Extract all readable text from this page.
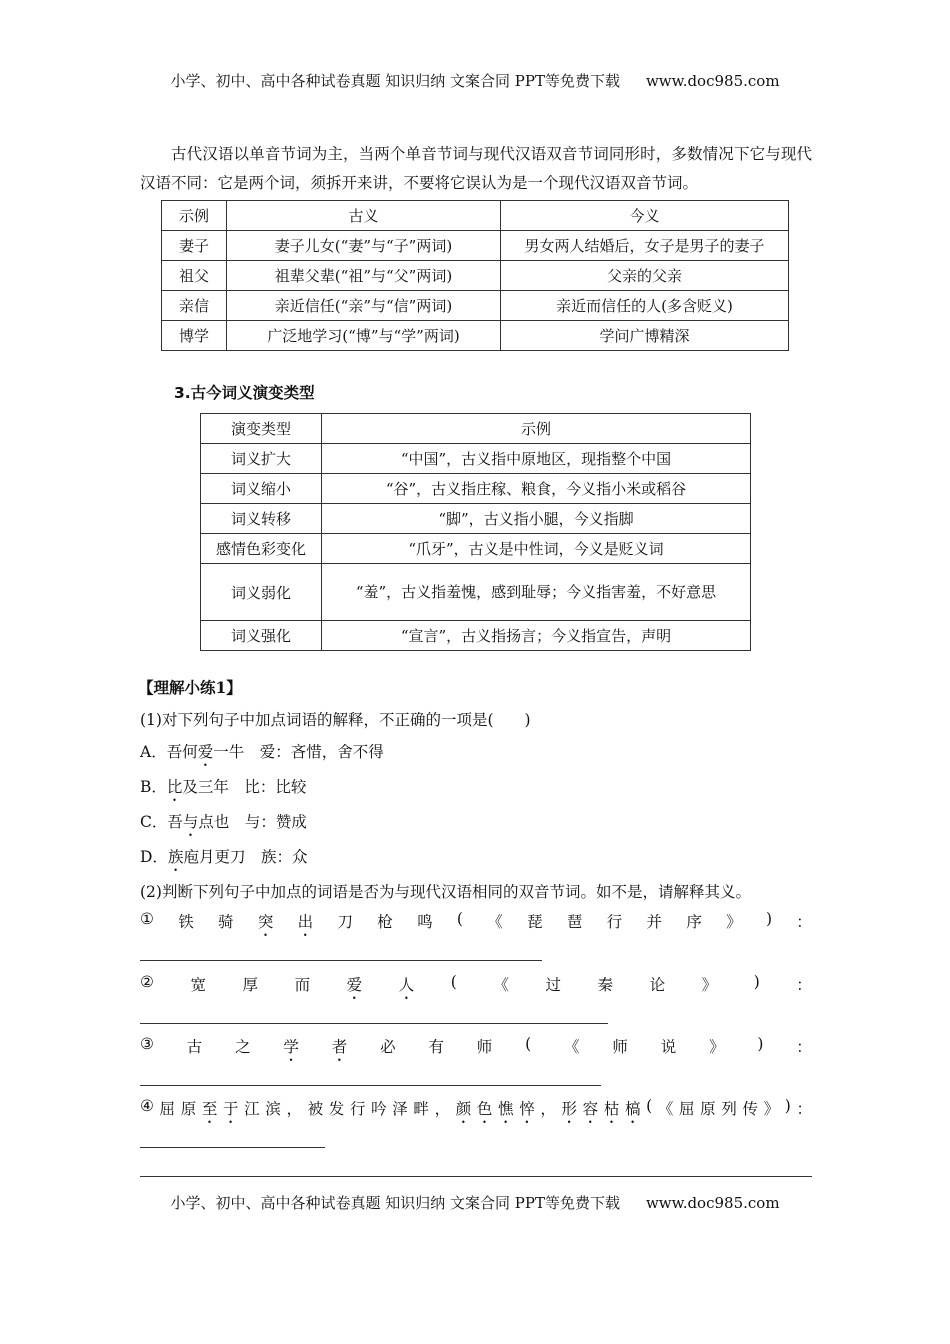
小学、初中、高中各种试卷真题 知识归纳 文案合同 PPT等免费下载 www.doc985.com
古代汉语以单音节词为主，当两个单音节词与现代汉语双音节词同形时，多数情况下它与现代汉语不同：它是两个词，须拆开来讲，不要将它误认为是一个现代汉语双音节词。
示例	古义	今义
妻子	妻子儿女(“妻”与“子”两词)	男女两人结婚后，女子是男子的妻子
祖父	祖辈父辈(“祖”与“父”两词)	父亲的父亲
亲信	亲近信任(“亲”与“信”两词)	亲近而信任的人(多含贬义)
博学	广泛地学习(“博”与“学”两词)	学问广博精深
3.古今词义演变类型
演变类型	示例
词义扩大	“中国”，古义指中原地区，现指整个中国
词义缩小	“谷”，古义指庄稼、粮食，今义指小米或稻谷
词义转移	“脚”，古义指小腿，今义指脚
感情色彩变化	“爪牙”，古义是中性词，今义是贬义词
词义弱化	“羞”，古义指羞愧，感到耻辱；今义指害羞，不好意思
词义强化	“宣言”，古义指扬言；今义指宣告，声明
【理解小练1】
(1)对下列句子中加点词语的解释，不正确的一项是(　　)
A．吾何爱一牛　爱：吝惜，舍不得
B．比及三年　比：比较
C．吾与点也　与：赞成
D．族庖月更刀　族：众
(2)判断下列句子中加点的词语是否为与现代汉语相同的双音节词。如不是，请解释其义。
① 铁 骑 突 出 刀 枪 鸣 ( 《 琵 琶 行 并 序 》 ) ：
② 宽 厚 而 爱 人 ( 《 过 秦 论 》 ) ：
③ 古 之 学 者 必 有 师 ( 《 师 说 》 ) ：
④ 屈 原 至 于 江 滨 ， 被 发 行 吟 泽 畔 ， 颜 色 憔 悴 ， 形 容 枯 槁 ( 《 屈 原 列 传 》 ) ：
小学、初中、高中各种试卷真题 知识归纳 文案合同 PPT等免费下载 www.doc985.com
